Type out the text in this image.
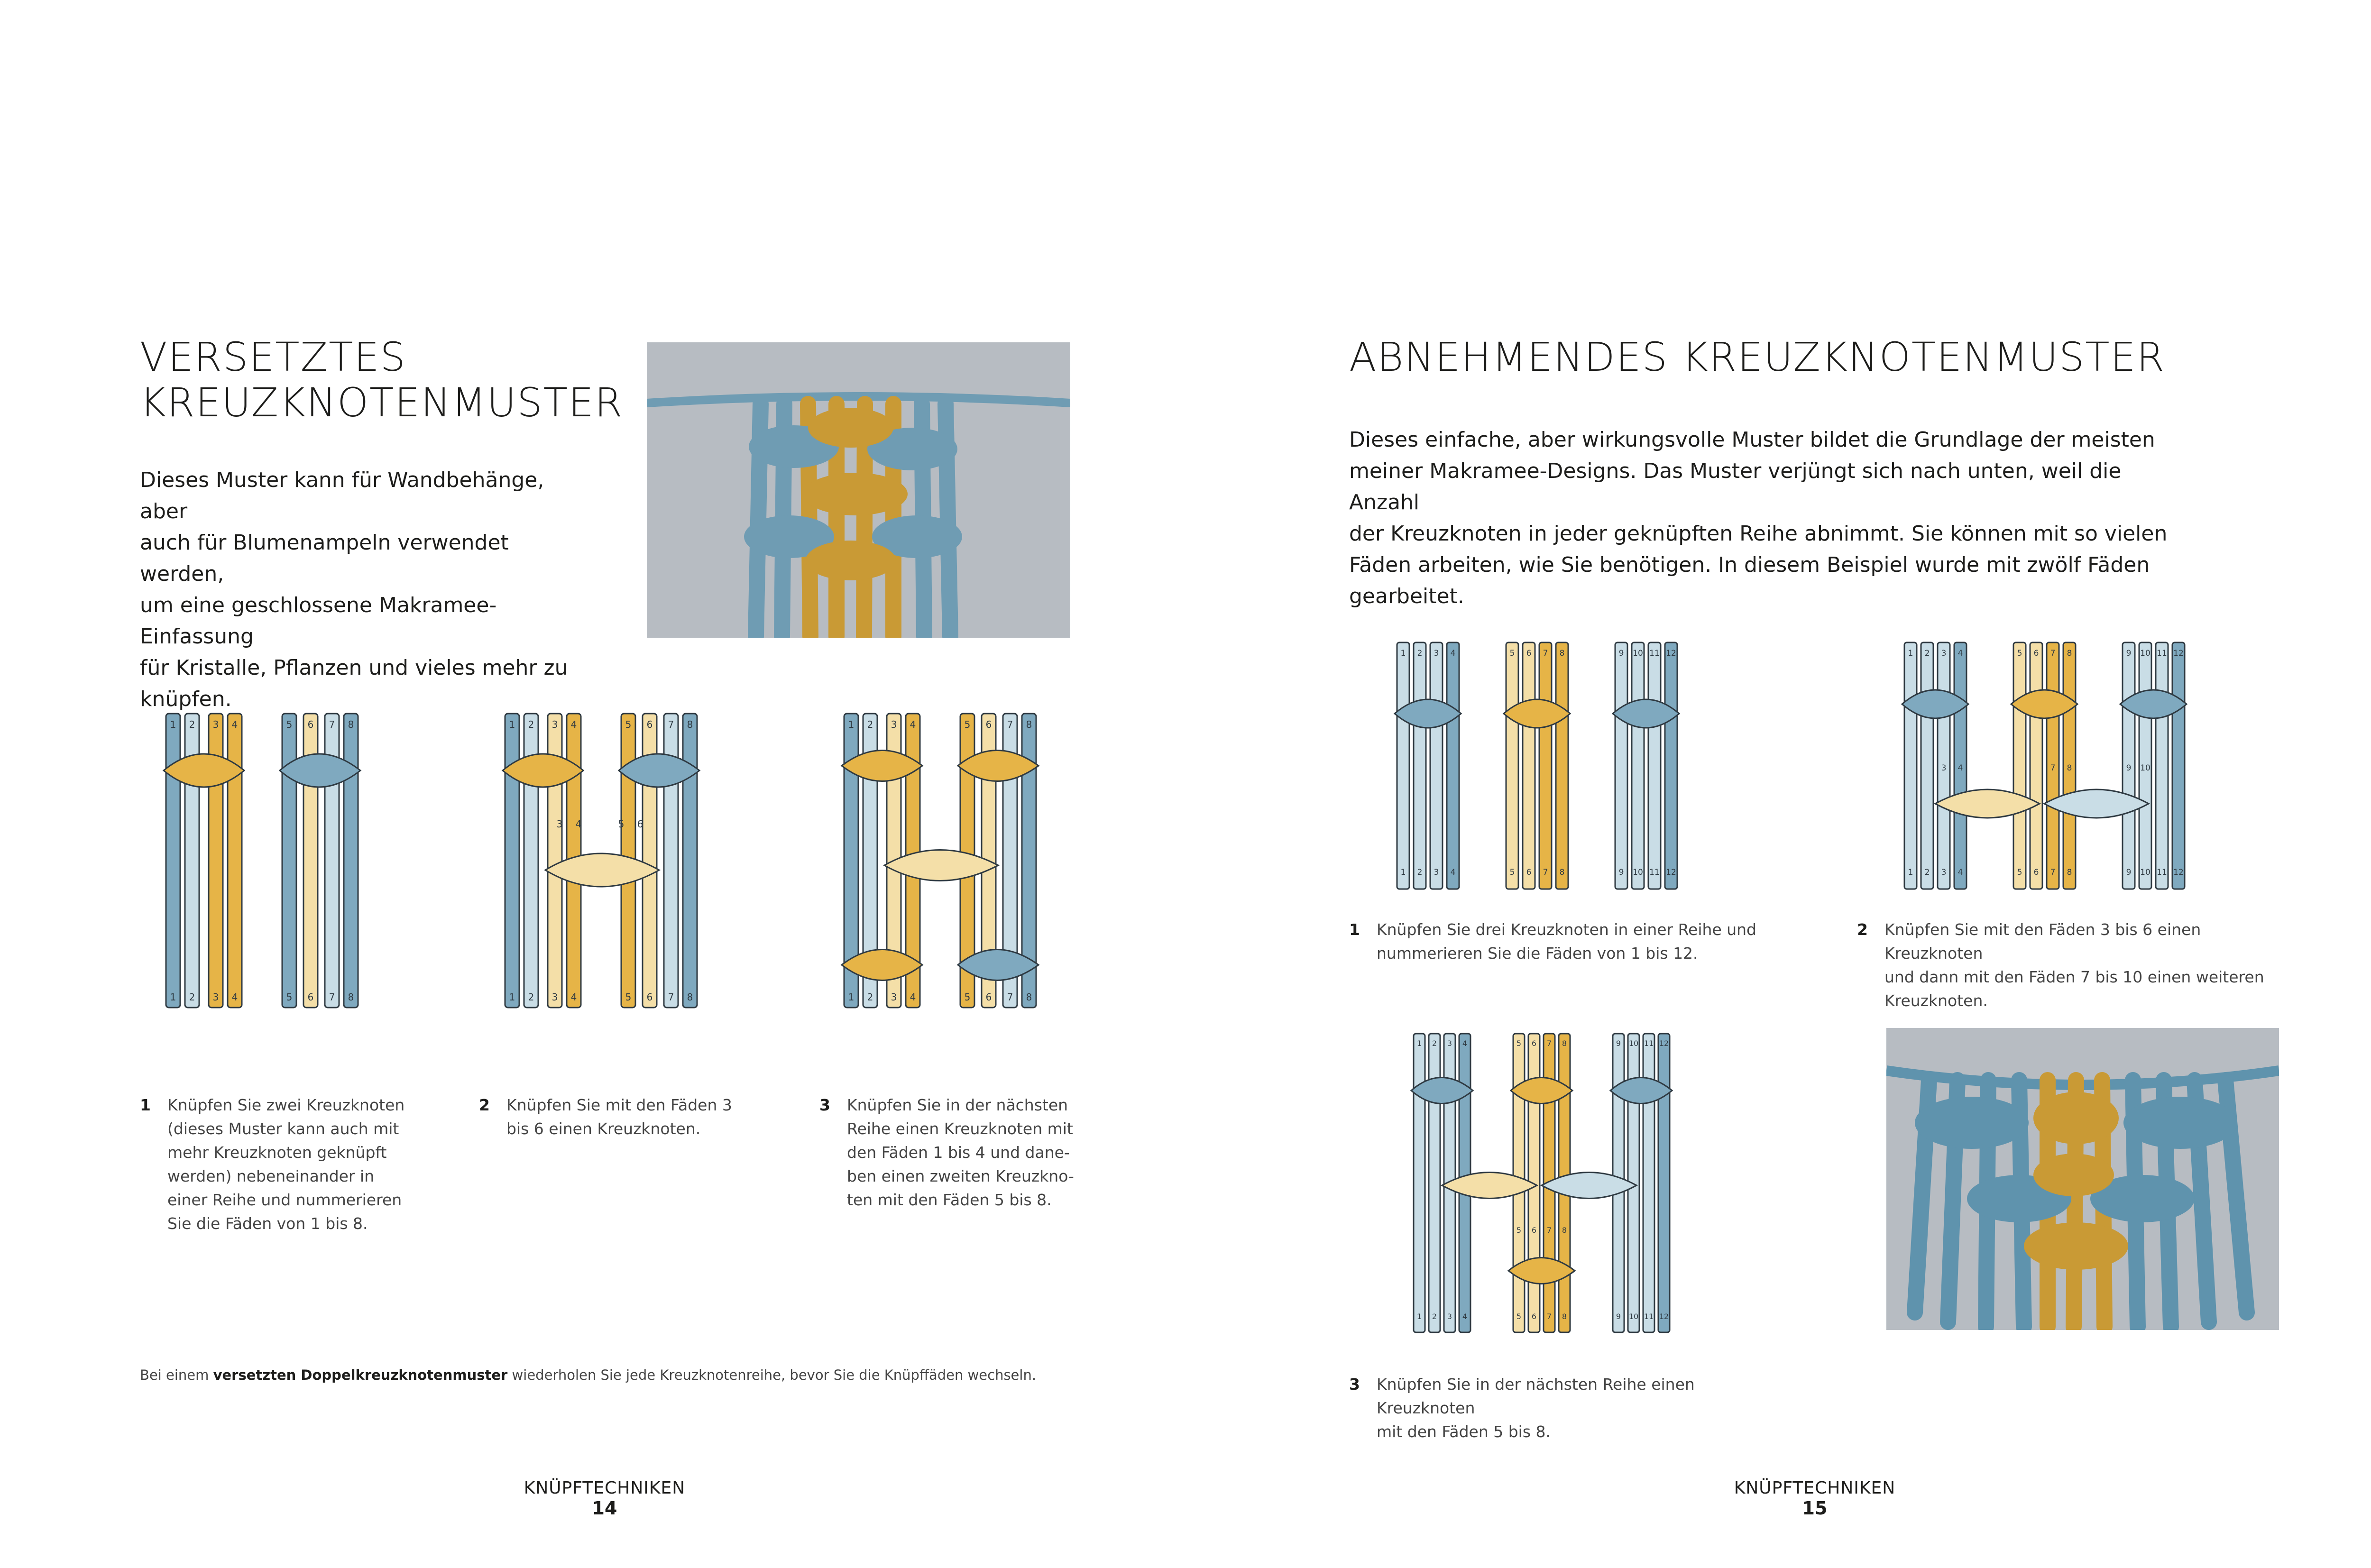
VERSETZTES
KREUZKNOTENMUSTER
Dieses Muster kann für Wandbehänge, aber
auch für Blumenampeln verwendet werden,
um eine geschlossene Makramee-Einfassung
für Kristalle, Pflanzen und vieles mehr zu
knüpfen.
1 2 3 4	5 6 7 8
1 2 3 4	5 6 7 8
1 2 3 4	5 6 7 8
3 4	5 6
1 2 3 4	5 6 7 8
1 2 3 4	5 6 7 8
1 2 3 4	5 6 7 8
1 Knüpfen Sie zwei Kreuzknoten
(dieses Muster kann auch mit
mehr Kreuzknoten geknüpft
werden) nebeneinander in
einer Reihe und nummerieren
Sie die Fäden von 1 bis 8.
2 Knüpfen Sie mit den Fäden 3
bis 6 einen Kreuzknoten.
3 Knüpfen Sie in der nächsten
Reihe einen Kreuzknoten mit
den Fäden 1 bis 4 und dane-
ben einen zweiten Kreuzkno-
ten mit den Fäden 5 bis 8.
Bei einem versetzten Doppelkreuzknotenmuster wiederholen Sie jede Kreuzknotenreihe, bevor Sie die Knüpffäden wechseln.
KNÜPFTECHNIKEN
14
ABNEHMENDES KREUZKNOTENMUSTER
Dieses einfache, aber wirkungsvolle Muster bildet die Grundlage der meisten
meiner Makramee-Designs. Das Muster verjüngt sich nach unten, weil die Anzahl
der Kreuzknoten in jeder geknüpften Reihe abnimmt. Sie können mit so vielen
Fäden arbeiten, wie Sie benötigen. In diesem Beispiel wurde mit zwölf Fäden
gearbeitet.
1 2 3 4	5 6 7 8	9 10 11 12
1 2 3 4	5 6 7 8	9 10 11 12
1 2 3 4	5 6 7 8	9 10 11 12
3 4	7 8	9 10
1 2 3 4	5 6 7 8	9 10 11 12
1 Knüpfen Sie drei Kreuzknoten in einer Reihe und
nummerieren Sie die Fäden von 1 bis 12.
2 Knüpfen Sie mit den Fäden 3 bis 6 einen Kreuzknoten
und dann mit den Fäden 7 bis 10 einen weiteren
Kreuzknoten.
1 2 3 4	5 6 7 8	9 10 11 12
5 6 7 8
1 2 3 4	5 6 7 8	9 10 11 12
3 Knüpfen Sie in der nächsten Reihe einen Kreuzknoten
mit den Fäden 5 bis 8.
KNÜPFTECHNIKEN
15
